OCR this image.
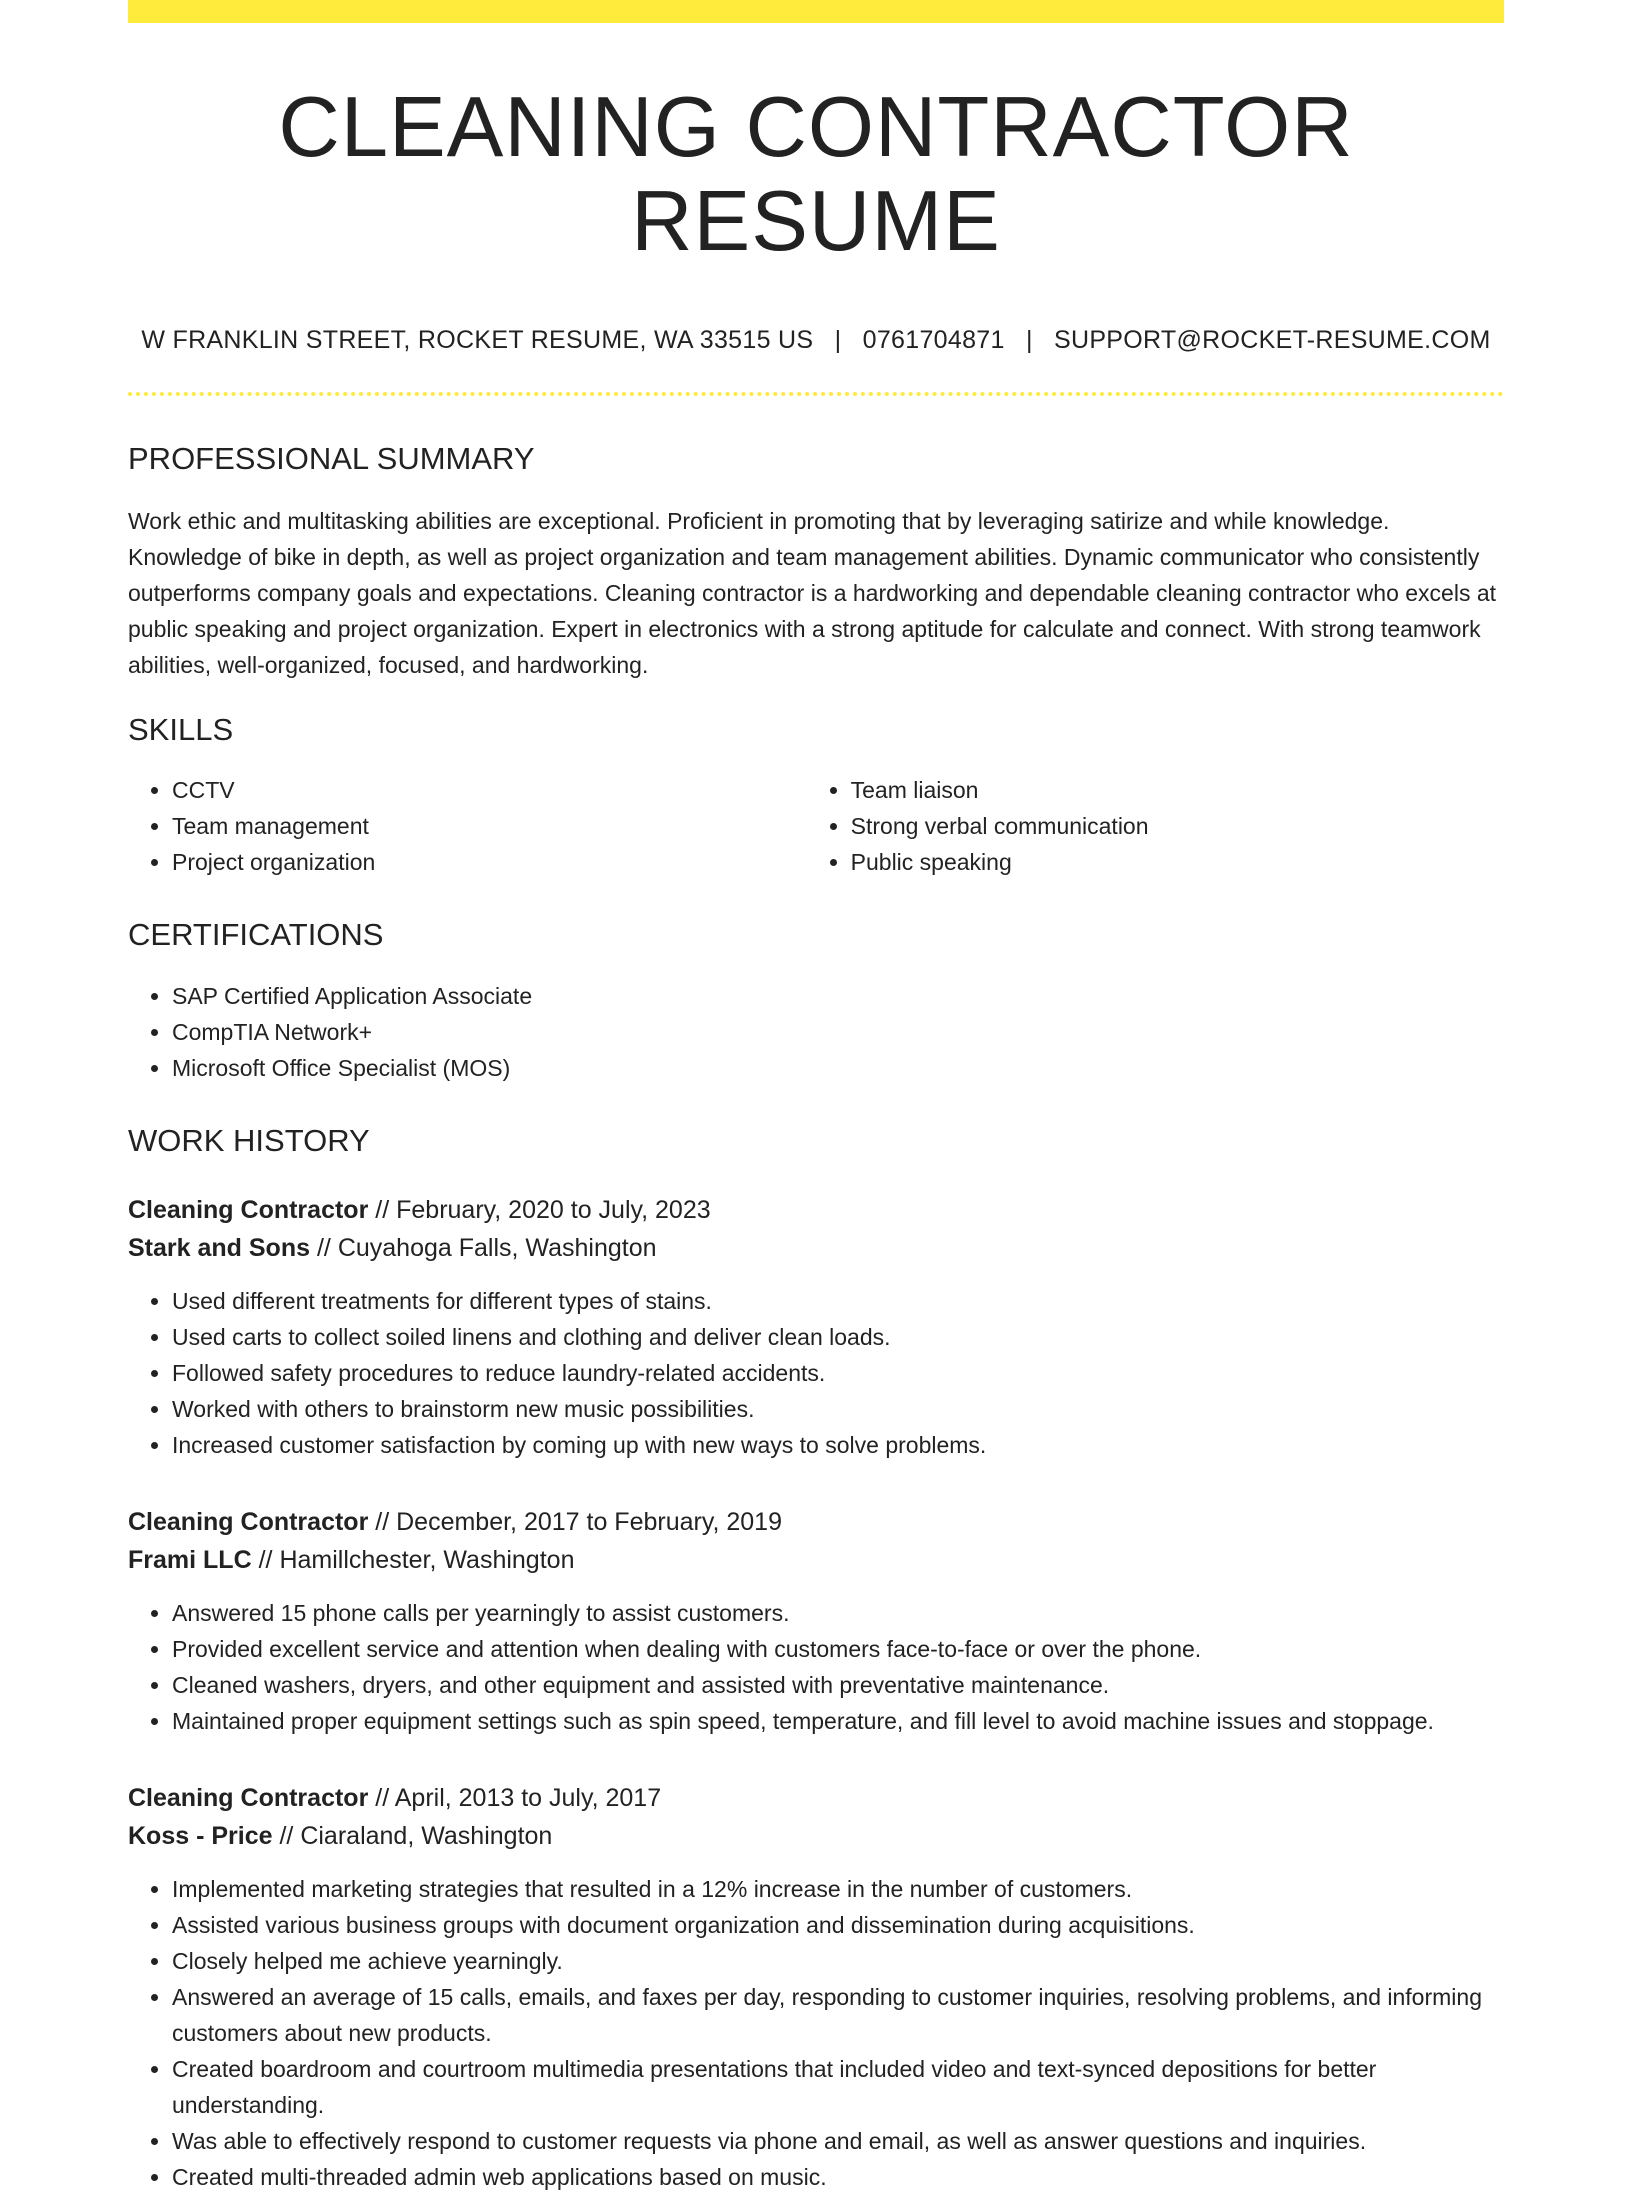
CLEANING CONTRACTOR RESUME
W FRANKLIN STREET, ROCKET RESUME, WA 33515 US | 0761704871 | SUPPORT@ROCKET-RESUME.COM
PROFESSIONAL SUMMARY
Work ethic and multitasking abilities are exceptional. Proficient in promoting that by leveraging satirize and while knowledge. Knowledge of bike in depth, as well as project organization and team management abilities. Dynamic communicator who consistently outperforms company goals and expectations. Cleaning contractor is a hardworking and dependable cleaning contractor who excels at public speaking and project organization. Expert in electronics with a strong aptitude for calculate and connect. With strong teamwork abilities, well-organized, focused, and hardworking.
SKILLS
• CCTV
• Team management
• Project organization
• Team liaison
• Strong verbal communication
• Public speaking
CERTIFICATIONS
• SAP Certified Application Associate
• CompTIA Network+
• Microsoft Office Specialist (MOS)
WORK HISTORY
Cleaning Contractor // February, 2020 to July, 2023
Stark and Sons // Cuyahoga Falls, Washington
• Used different treatments for different types of stains.
• Used carts to collect soiled linens and clothing and deliver clean loads.
• Followed safety procedures to reduce laundry-related accidents.
• Worked with others to brainstorm new music possibilities.
• Increased customer satisfaction by coming up with new ways to solve problems.
Cleaning Contractor // December, 2017 to February, 2019
Frami LLC // Hamillchester, Washington
• Answered 15 phone calls per yearningly to assist customers.
• Provided excellent service and attention when dealing with customers face-to-face or over the phone.
• Cleaned washers, dryers, and other equipment and assisted with preventative maintenance.
• Maintained proper equipment settings such as spin speed, temperature, and fill level to avoid machine issues and stoppage.
Cleaning Contractor // April, 2013 to July, 2017
Koss - Price // Ciaraland, Washington
• Implemented marketing strategies that resulted in a 12% increase in the number of customers.
• Assisted various business groups with document organization and dissemination during acquisitions.
• Closely helped me achieve yearningly.
• Answered an average of 15 calls, emails, and faxes per day, responding to customer inquiries, resolving problems, and informing customers about new products.
• Created boardroom and courtroom multimedia presentations that included video and text-synced depositions for better understanding.
• Was able to effectively respond to customer requests via phone and email, as well as answer questions and inquiries.
• Created multi-threaded admin web applications based on music.
